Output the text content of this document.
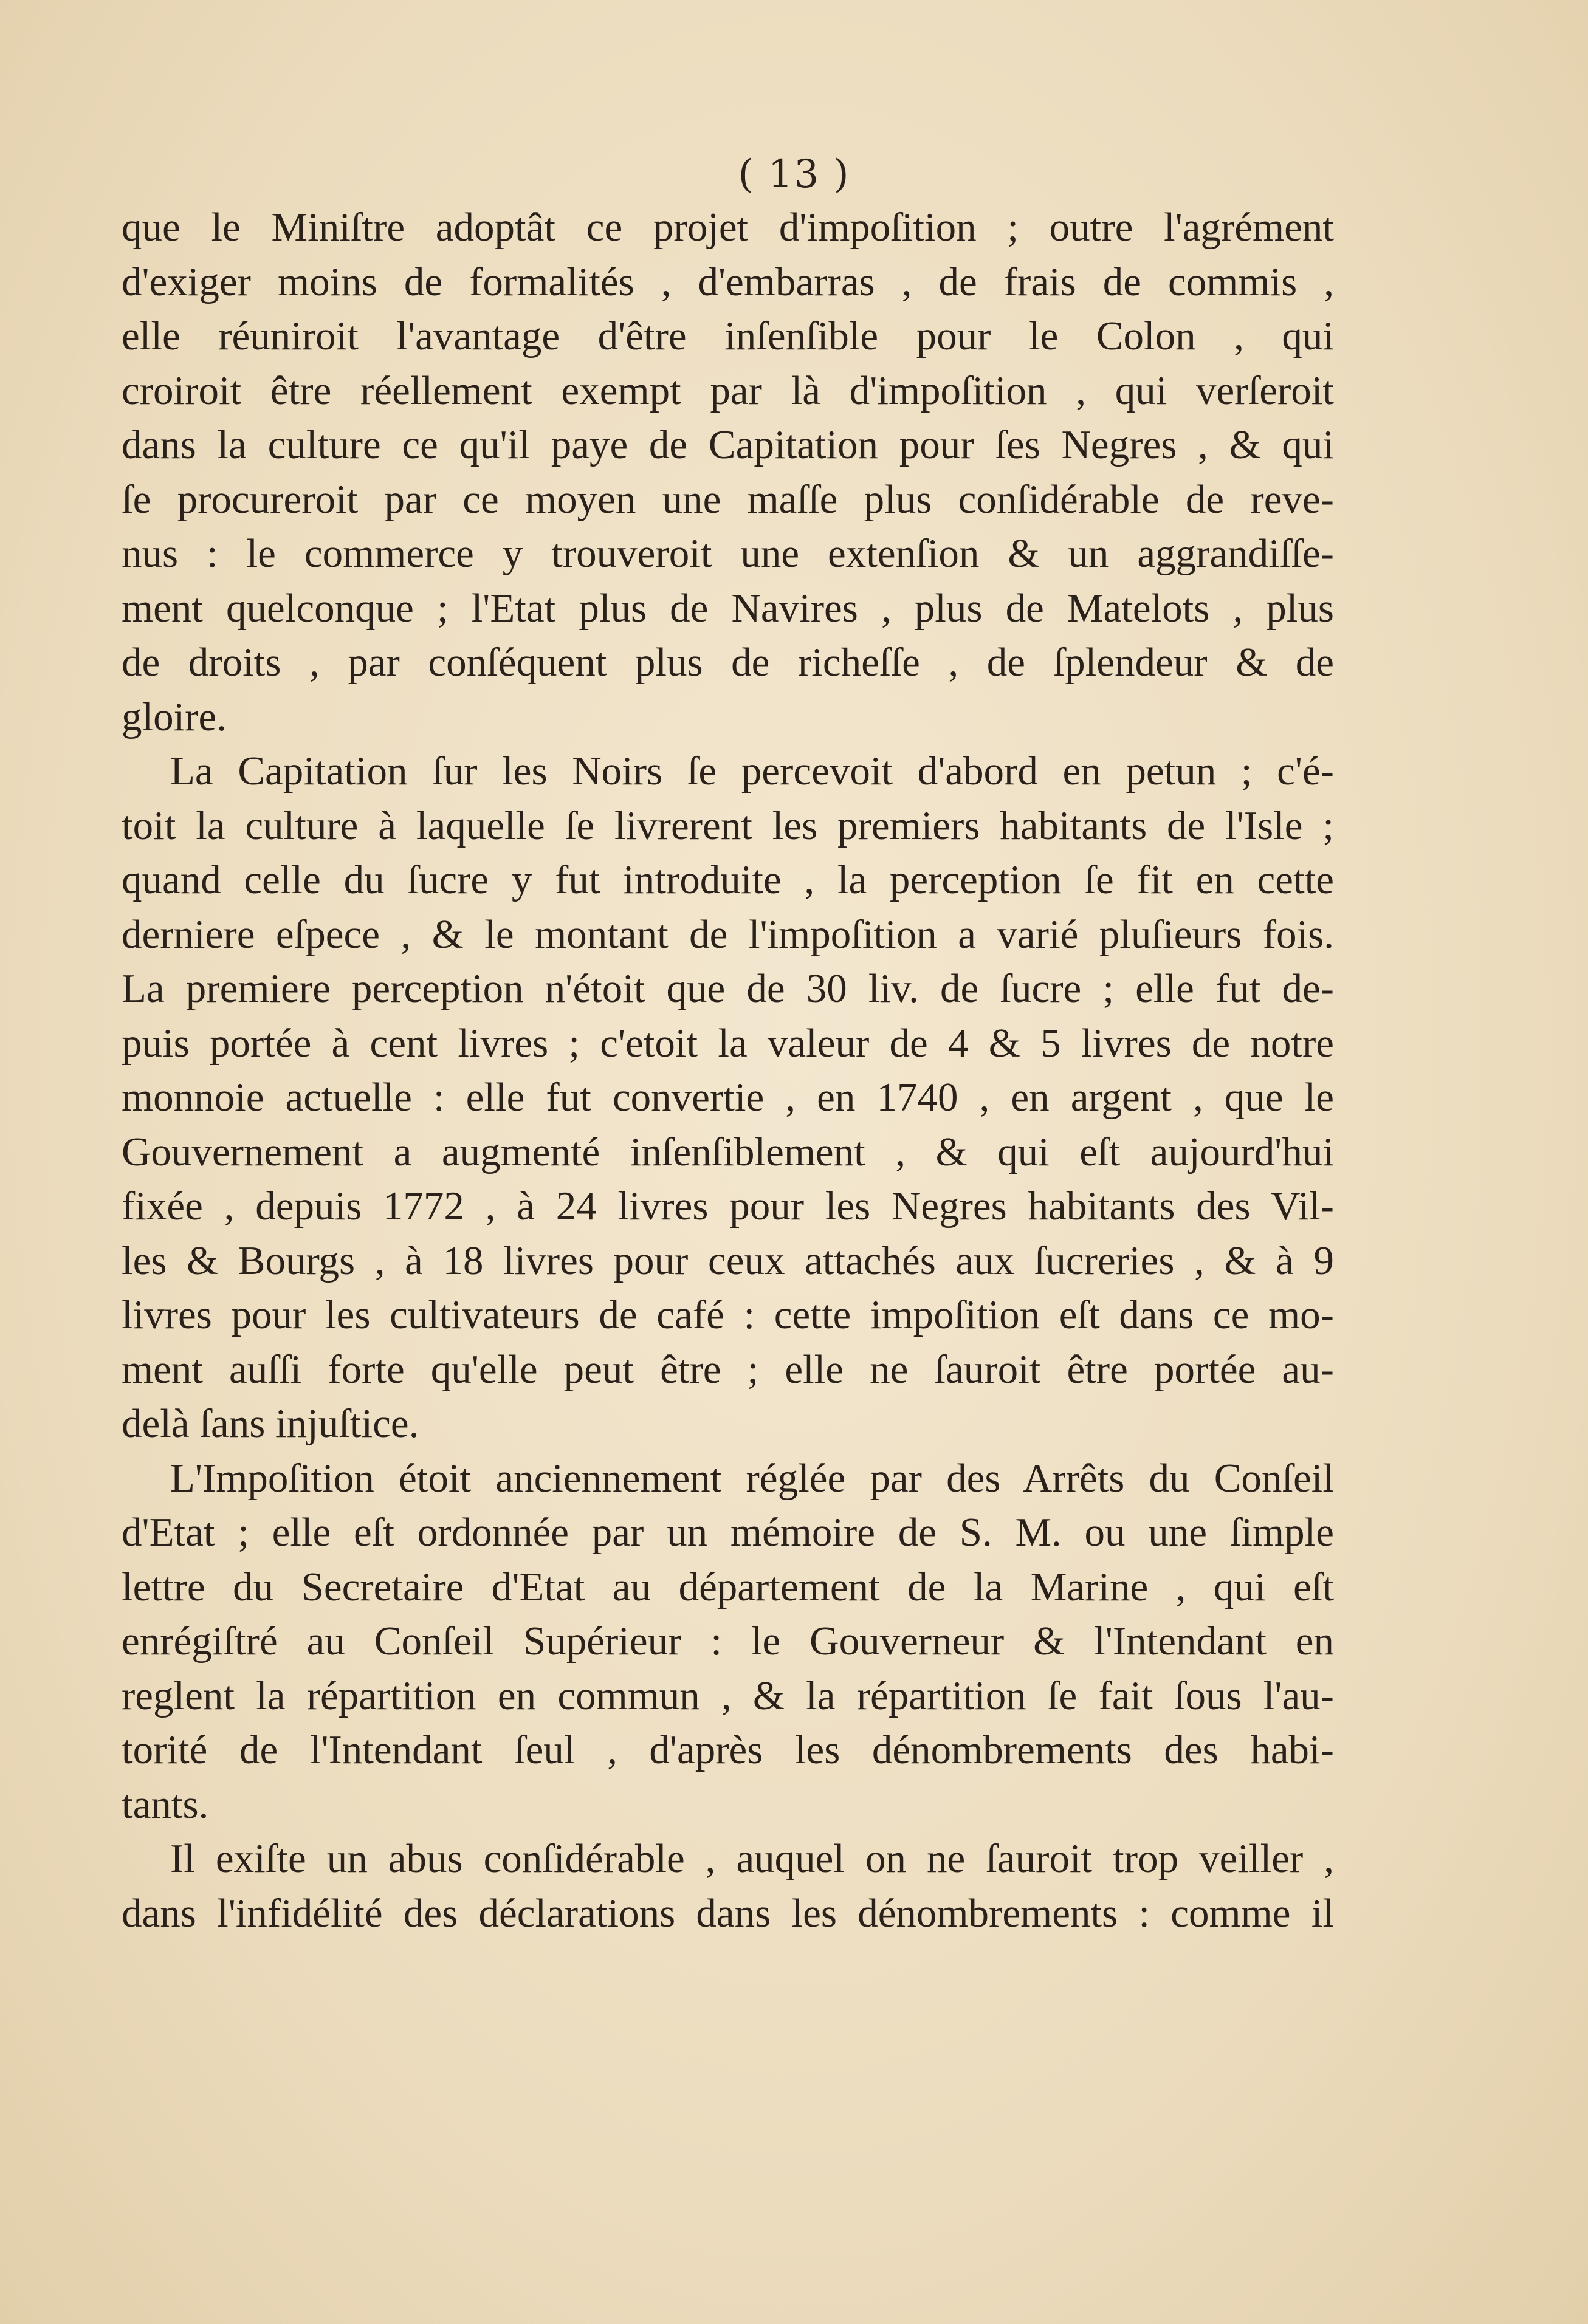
( 13 )
que le Miniſtre adoptât ce projet d'impoſition ; outre l'agrément
d'exiger moins de formalités , d'embarras , de frais de commis ,
elle réuniroit l'avantage d'être inſenſible pour le Colon , qui
croiroit être réellement exempt par là d'impoſition , qui verſeroit
dans la culture ce qu'il paye de Capitation pour ſes Negres , & qui
ſe procureroit par ce moyen une maſſe plus conſidérable de reve-
nus : le commerce y trouveroit une extenſion & un aggrandiſſe-
ment quelconque ; l'Etat plus de Navires , plus de Matelots , plus
de droits , par conſéquent plus de richeſſe , de ſplendeur & de
gloire.
La Capitation ſur les Noirs ſe percevoit d'abord en petun ; c'é-
toit la culture à laquelle ſe livrerent les premiers habitants de l'Isle ;
quand celle du ſucre y fut introduite , la perception ſe fit en cette
derniere eſpece , & le montant de l'impoſition a varié pluſieurs fois.
La premiere perception n'étoit que de 30 liv. de ſucre ; elle fut de-
puis portée à cent livres ; c'etoit la valeur de 4 & 5 livres de notre
monnoie actuelle : elle fut convertie , en 1740 , en argent , que le
Gouvernement a augmenté inſenſiblement , & qui eſt aujourd'hui
fixée , depuis 1772 , à 24 livres pour les Negres habitants des Vil-
les & Bourgs , à 18 livres pour ceux attachés aux ſucreries , & à 9
livres pour les cultivateurs de café : cette impoſition eſt dans ce mo-
ment auſſi forte qu'elle peut être ; elle ne ſauroit être portée au-
delà ſans injuſtice.
L'Impoſition étoit anciennement réglée par des Arrêts du Conſeil
d'Etat ; elle eſt ordonnée par un mémoire de S. M. ou une ſimple
lettre du Secretaire d'Etat au département de la Marine , qui eſt
enrégiſtré au Conſeil Supérieur : le Gouverneur & l'Intendant en
reglent la répartition en commun , & la répartition ſe fait ſous l'au-
torité de l'Intendant ſeul , d'après les dénombrements des habi-
tants.
Il exiſte un abus conſidérable , auquel on ne ſauroit trop veiller ,
dans l'infidélité des déclarations dans les dénombrements : comme il
